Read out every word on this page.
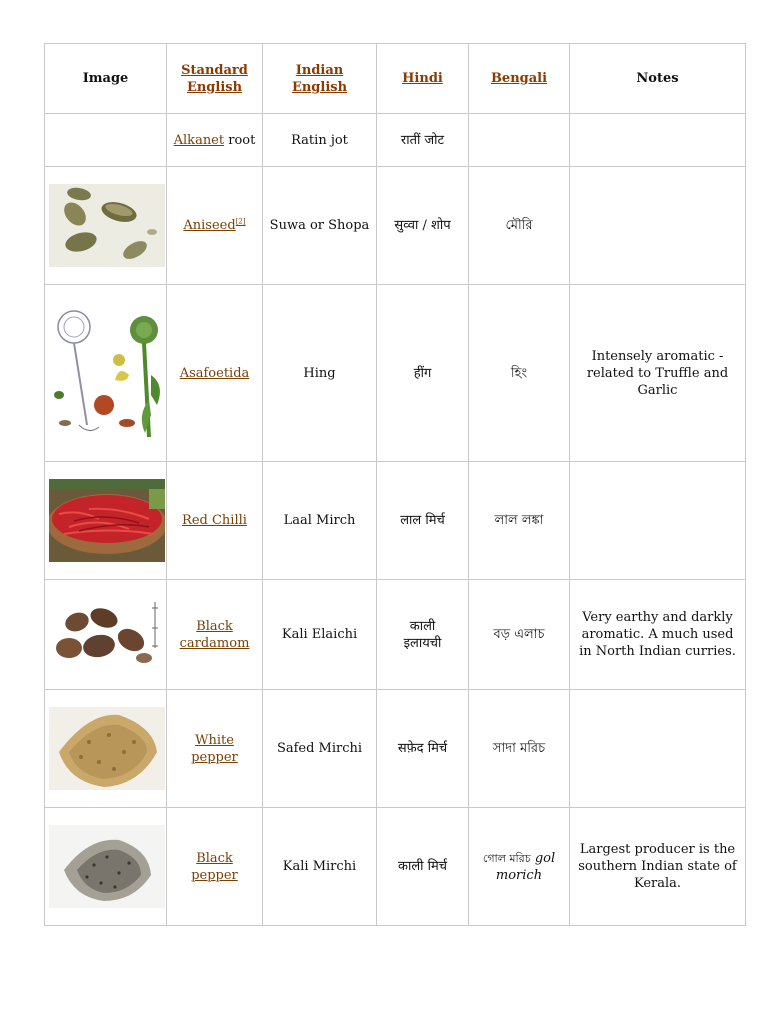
Image	Standard English	Indian English	Hindi	Bengali	Notes
	Alkanet root	Ratin jot	रातीं जोट		

	Aniseed[2]	Suwa or Shopa	सुव्वा / शोप	মৌরি	

	Asafoetida	Hing	हींग	হিং	Intensely aromatic - related to Truffle and Garlic

	Red Chilli	Laal Mirch	लाल मिर्च	লাল লঙ্কা	

	Black cardamom	Kali Elaichi	काली इलायची	বড় এলাচ	Very earthy and darkly aromatic. A much used in North Indian curries.

	White pepper	Safed Mirchi	सफ़ेद मिर्च	সাদা মরিচ	

	Black pepper	Kali Mirchi	काली मिर्च	গোল মরিচ gol morich	Largest producer is the southern Indian state of Kerala.
